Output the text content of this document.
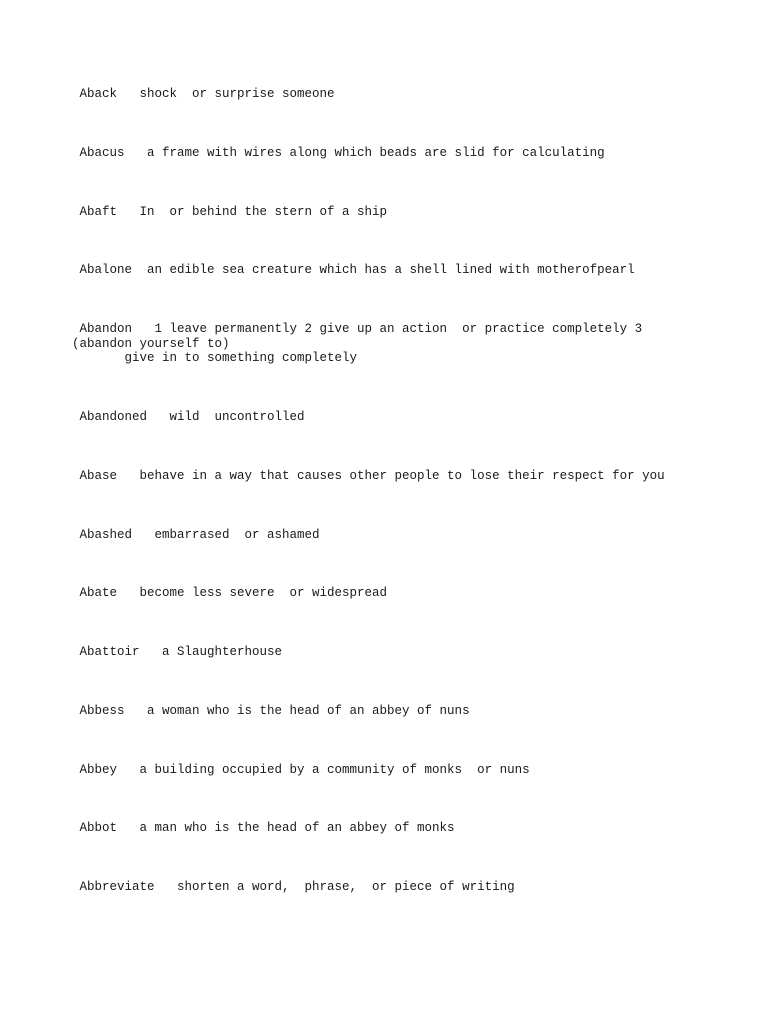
Aback   shock  or surprise someone

Abacus   a frame with wires along which beads are slid for calculating

Abaft   In  or behind the stern of a ship

Abalone  an edible sea creature which has a shell lined with motherofpearl

Abandon   1 leave permanently 2 give up an action  or practice completely 3
(abandon yourself to)
give in to something completely

Abandoned   wild  uncontrolled

Abase   behave in a way that causes other people to lose their respect for you

Abashed   embarrased  or ashamed

Abate   become less severe  or widespread

Abattoir   a Slaughterhouse

Abbess   a woman who is the head of an abbey of nuns

Abbey   a building occupied by a community of monks  or nuns

Abbot   a man who is the head of an abbey of monks

Abbreviate   shorten a word,  phrase,  or piece of writing
